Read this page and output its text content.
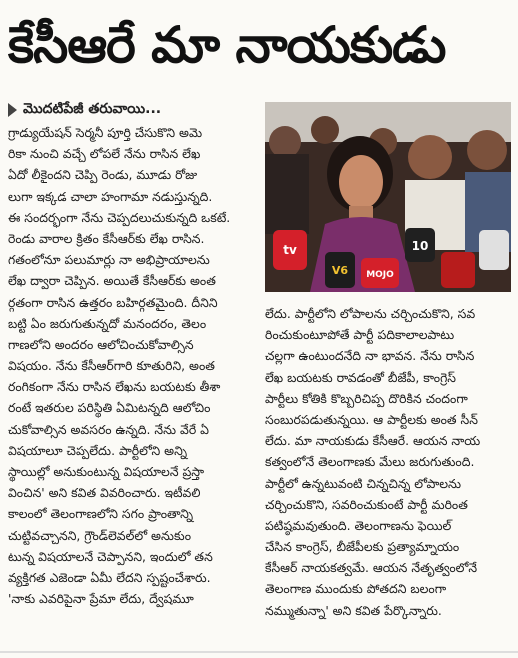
కేసీఆరే మా నాయకుడు
మొదటిపేజీ తరువాయి...
tv
V6 MOJO
10
గ్రాడ్యుయేషన్ సెర్మనీ పూర్తి చేసుకొని అమె
రికా నుంచి వచ్చే లోపలే నేను రాసిన లేఖ
ఏదో లీకైందని చెప్పి రెండు, మూడు రోజు
లుగా ఇక్కడ చాలా హంగామా నడుస్తున్నది.
ఈ సందర్భంగా నేను చెప్పదలుచుకున్నది ఒకటే.
రెండు వారాల క్రితం కేసీఆర్‌కు లేఖ రాసిన.
గతంలోనూ పలుమార్లు నా అభిప్రాయాలను
లేఖ ద్వారా చెప్పిన. అయితే కేసీఆర్‌కు అంత
ర్గతంగా రాసిన ఉత్తరం బహిర్గతమైంది. దీనిని
బట్టి ఏం జరుగుతున్నదో మనందరం, తెలం
గాణలోని అందరం ఆలోచించుకోవాల్సిన
విషయం. నేను కేసీఆర్‌గారి కూతురిని, అంత
రంగికంగా నేను రాసిన లేఖను బయటకు తీశా
రంటే ఇతరుల పరిస్థితి ఏమిటన్నది ఆలోచిం
చుకోవాల్సిన అవసరం ఉన్నది. నేను వేరే ఏ
విషయాలూ చెప్పలేదు. పార్టీలోని అన్ని
స్థాయిల్లో అనుకుంటున్న విషయాలనే ప్రస్తా
వించిన' అని కవిత వివరించారు. ఇటీవలి
కాలంలో తెలంగాణలోని సగం ప్రాంతాన్ని
చుట్టివచ్చానని, గ్రౌండ్‌లెవల్‌లో అనుకుం
టున్న విషయాలనే చెప్పానని, ఇందులో తన
వ్యక్తిగత ఎజెండా ఏమీ లేదని స్పష్టంచేశారు.
'నాకు ఎవరిపైనా ప్రేమా లేదు, ద్వేషమూ
లేదు. పార్టీలోని లోపాలను చర్చించుకొని, సవ
రించుకుంటూపోతే పార్టీ పదికాలాలపాటు
చల్లగా ఉంటుందనేది నా భావన. నేను రాసిన
లేఖ బయటకు రావడంతో బీజేపీ, కాంగ్రెస్
పార్టీలు కోతికి కొబ్బరిచిప్ప దొరికిన చందంగా
సంబురపడుతున్నయి. ఆ పార్టీలకు అంత సీన్
లేదు. మా నాయకుడు కేసీఆరే. ఆయన నాయ
కత్వంలోనే తెలంగాణకు మేలు జరుగుతుంది.
పార్టీలో ఉన్నటువంటి చిన్నచిన్న లోపాలను
చర్చించుకొని, సవరించుకుంటే పార్టీ మరింత
పటిష్ఠమవుతుంది. తెలంగాణను ఫెయిల్
చేసిన కాంగ్రెస్, బీజేపీలకు ప్రత్యామ్నాయం
కేసీఆర్ నాయకత్వమే. ఆయన నేతృత్వంలోనే
తెలంగాణ ముందుకు పోతదని బలంగా
నమ్ముతున్నా' అని కవిత పేర్కొన్నారు.
